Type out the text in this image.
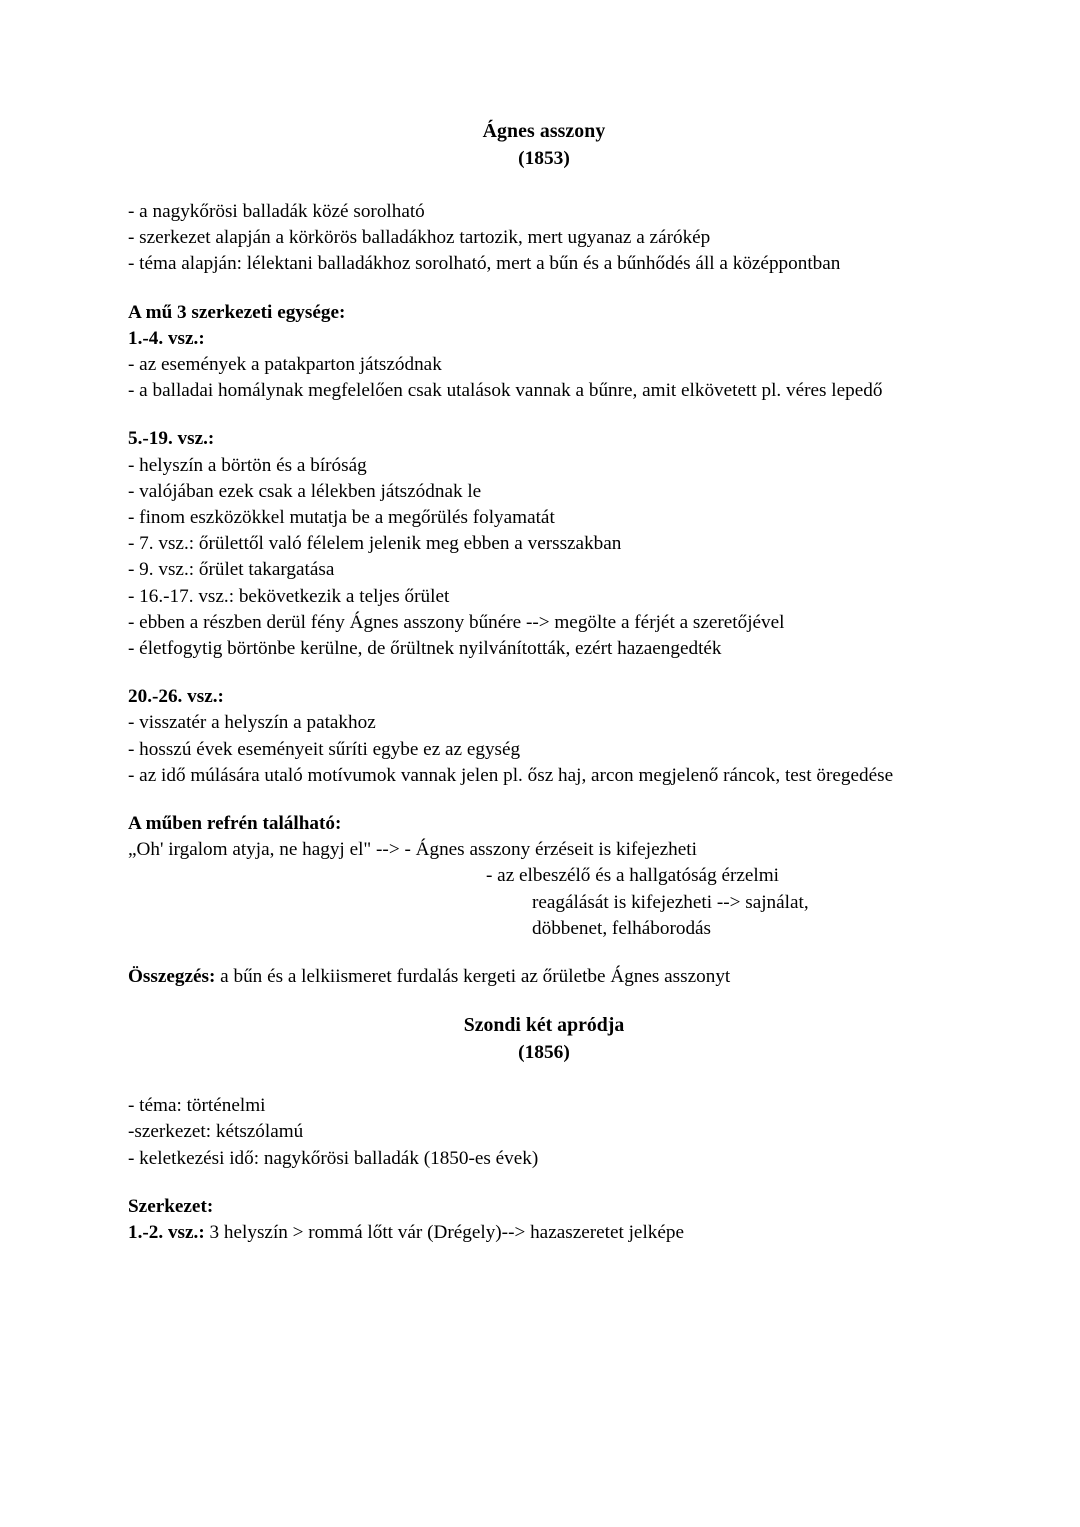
Ágnes asszony
(1853)
- a nagykőrösi balladák közé sorolható
- szerkezet alapján a körkörös balladákhoz tartozik, mert ugyanaz a zárókép
- téma alapján: lélektani balladákhoz sorolható, mert a bűn és a bűnhődés áll a középpontban
A mű 3 szerkezeti egysége:
1.-4. vsz.:
- az események a patakparton játszódnak
- a balladai homálynak megfelelően csak utalások vannak a bűnre, amit elkövetett pl. véres lepedő
5.-19. vsz.:
- helyszín a börtön és a bíróság
- valójában ezek csak a lélekben játszódnak le
- finom eszközökkel mutatja be a megőrülés folyamatát
- 7. vsz.: őrülettől való félelem jelenik meg ebben a versszakban
- 9. vsz.: őrület takargatása
- 16.-17. vsz.: bekövetkezik a teljes őrület
- ebben a részben derül fény Ágnes asszony bűnére --> megölte a férjét a szeretőjével
- életfogytig börtönbe kerülne, de őrültnek nyilvánították, ezért hazaengedték
20.-26. vsz.:
- visszatér a helyszín a patakhoz
- hosszú évek eseményeit sűríti egybe ez az egység
- az idő múlására utaló motívumok vannak jelen pl. ősz haj, arcon megjelenő ráncok, test öregedése
A műben refrén található:
„Oh' irgalom atyja, ne hagyj el" --> - Ágnes asszony érzéseit is kifejezheti
- az elbeszélő és a hallgatóság érzelmi
reagálását is kifejezheti --> sajnálat,
döbbenet, felháborodás
Összegzés: a bűn és a lelkiismeret furdalás kergeti az őrületbe Ágnes asszonyt
Szondi két apródja
(1856)
- téma: történelmi
-szerkezet: kétszólamú
- keletkezési idő: nagykőrösi balladák (1850-es évek)
Szerkezet:
1.-2. vsz.: 3 helyszín > rommá lőtt vár (Drégely)--> hazaszeretet jelképe
